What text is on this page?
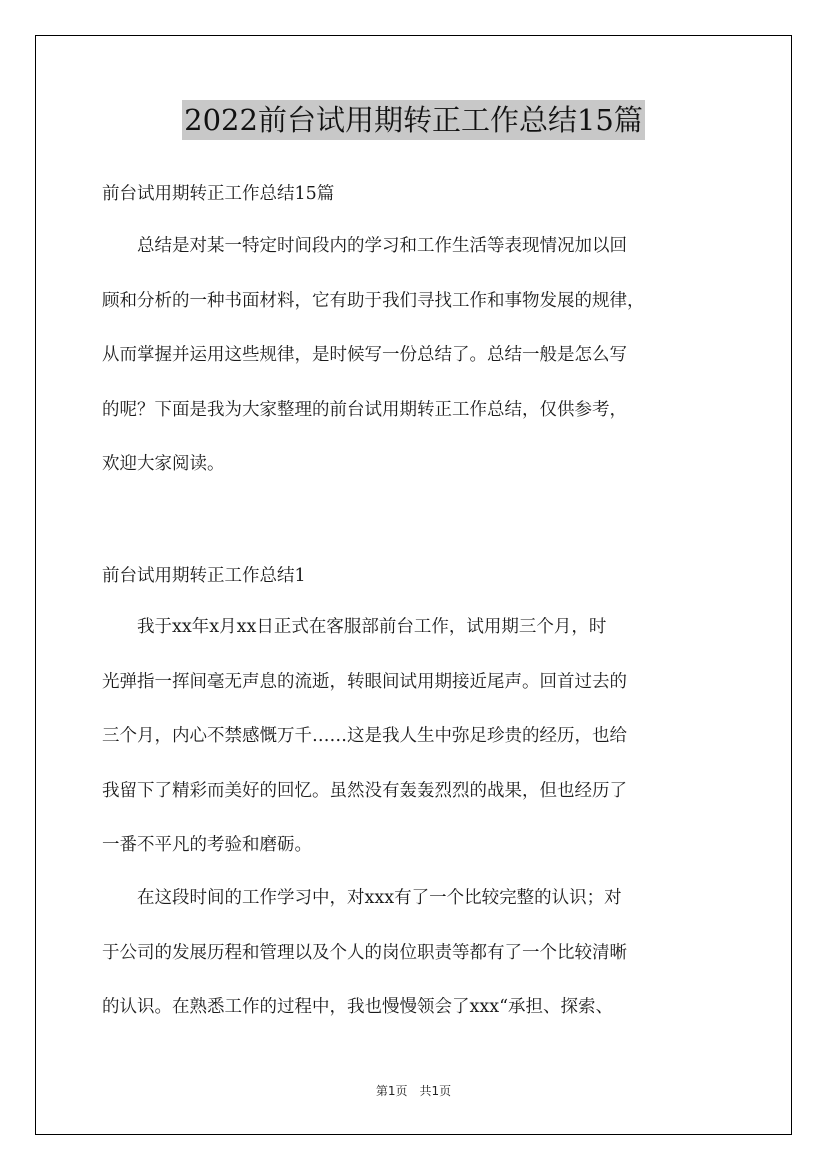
2022前台试用期转正工作总结15篇
前台试用期转正工作总结15篇
　　总结是对某一特定时间段内的学习和工作生活等表现情况加以回
顾和分析的一种书面材料，它有助于我们寻找工作和事物发展的规律，
从而掌握并运用这些规律，是时候写一份总结了。总结一般是怎么写
的呢？下面是我为大家整理的前台试用期转正工作总结，仅供参考，
欢迎大家阅读。
前台试用期转正工作总结1
　　我于xx年x月xx日正式在客服部前台工作，试用期三个月，时
光弹指一挥间毫无声息的流逝，转眼间试用期接近尾声。回首过去的
三个月，内心不禁感慨万千……这是我人生中弥足珍贵的经历，也给
我留下了精彩而美好的回忆。虽然没有轰轰烈烈的战果，但也经历了
一番不平凡的考验和磨砺。
　　在这段时间的工作学习中，对xxx有了一个比较完整的认识；对
于公司的发展历程和管理以及个人的岗位职责等都有了一个比较清晰
的认识。在熟悉工作的过程中，我也慢慢领会了xxx“承担、探索、
第1页　共1页
